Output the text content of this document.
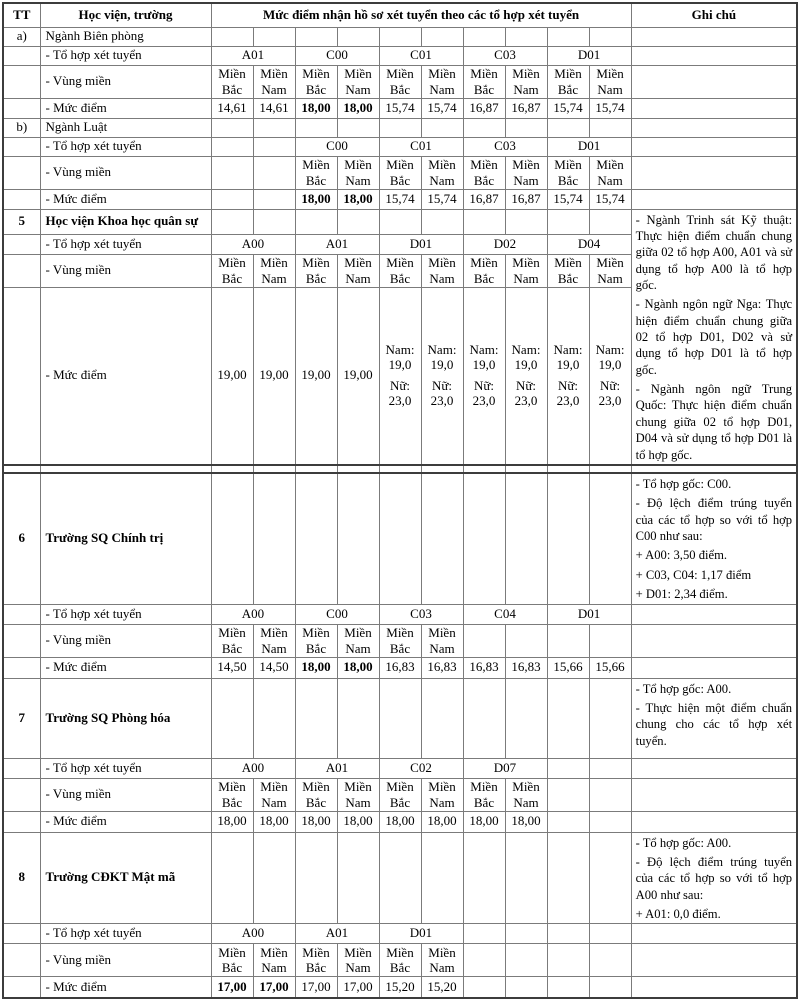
TT	Học viện, trường	Mức điểm nhận hồ sơ xét tuyển theo các tổ hợp xét tuyển										Ghi chú
a)	Ngành Biên phòng											
	- Tổ hợp xét tuyển	A01		C00		C01		C03		D01		
	- Vùng miền	Miền
Bắc	Miền
Nam	Miền
Bắc	Miền
Nam	Miền
Bắc	Miền
Nam	Miền
Bắc	Miền
Nam	Miền
Bắc	Miền
Nam	

	- Mức điểm	14,61	14,61	18,00	18,00	15,74	15,74	16,87	16,87	15,74	15,74	
b)	Ngành Luật											
	- Tổ hợp xét tuyển			C00		C01		C03		D01		
	- Vùng miền			Miền
Bắc	Miền
Nam	Miền
Bắc	Miền
Nam	Miền
Bắc	Miền
Nam	Miền
Bắc	Miền
Nam	

	- Mức điểm			18,00	18,00	15,74	15,74	16,87	16,87	15,74	15,74	
5	Học viện Khoa học quân sự											- Ngành Trinh sát Kỹ thuật: Thực hiện điểm chuẩn chung giữa 02 tổ hợp A00, A01 và sử dụng tổ hợp A00 là tổ hợp gốc.

- Ngành ngôn ngữ Nga: Thực hiện điểm chuẩn chung giữa 02 tổ hợp D01, D02 và sử dụng tổ hợp D01 là tổ hợp gốc.

- Ngành ngôn ngữ Trung Quốc: Thực hiện điểm chuẩn chung giữa 02 tổ hợp D01, D04 và sử dụng tổ hợp D01 là tổ hợp gốc.

	- Tổ hợp xét tuyển	A00		A01		D01		D02		D04		
	- Vùng miền	Miền
Bắc	Miền
Nam	Miền
Bắc	Miền
Nam	Miền
Bắc	Miền
Nam	Miền
Bắc	Miền
Nam	Miền
Bắc	Miền
Nam	

	- Mức điểm	19,00	19,00	19,00	19,00	Nam:
19,0
Nữ:
23,0	Nam:
19,0
Nữ:
23,0	Nam:
19,0
Nữ:
23,0	Nam:
19,0
Nữ:
23,0	Nam:
19,0
Nữ:
23,0	Nam:
19,0
Nữ:
23,0	

6	Trường SQ Chính trị											- Tổ hợp gốc: C00.

- Độ lệch điểm trúng tuyển của các tổ hợp so với tổ hợp C00 như sau:

+ A00: 3,50 điểm.

+ C03, C04: 1,17 điểm

+ D01: 2,34 điểm.

	- Tổ hợp xét tuyển	A00		C00		C03		C04		D01		
	- Vùng miền	Miền
Bắc	Miền
Nam	Miền
Bắc	Miền
Nam	Miền
Bắc	Miền
Nam					

	- Mức điểm	14,50	14,50	18,00	18,00	16,83	16,83	16,83	16,83	15,66	15,66	
7	Trường SQ Phòng hóa											- Tổ hợp gốc: A00.

- Thực hiện một điểm chuẩn chung cho các tổ hợp xét tuyển.

	- Tổ hợp xét tuyển	A00		A01		C02		D07				
	- Vùng miền	Miền
Bắc	Miền
Nam	Miền
Bắc	Miền
Nam	Miền
Bắc	Miền
Nam	Miền
Bắc	Miền
Nam			

	- Mức điểm	18,00	18,00	18,00	18,00	18,00	18,00	18,00	18,00			
8	Trường CĐKT Mật mã											- Tổ hợp gốc: A00.

- Độ lệch điểm trúng tuyển của các tổ hợp so với tổ hợp A00 như sau:

+ A01: 0,0 điểm.

	- Tổ hợp xét tuyển	A00		A01		D01						
	- Vùng miền	Miền
Bắc	Miền
Nam	Miền
Bắc	Miền
Nam	Miền
Bắc	Miền
Nam					

	- Mức điểm	17,00	17,00	17,00	17,00	15,20	15,20					
